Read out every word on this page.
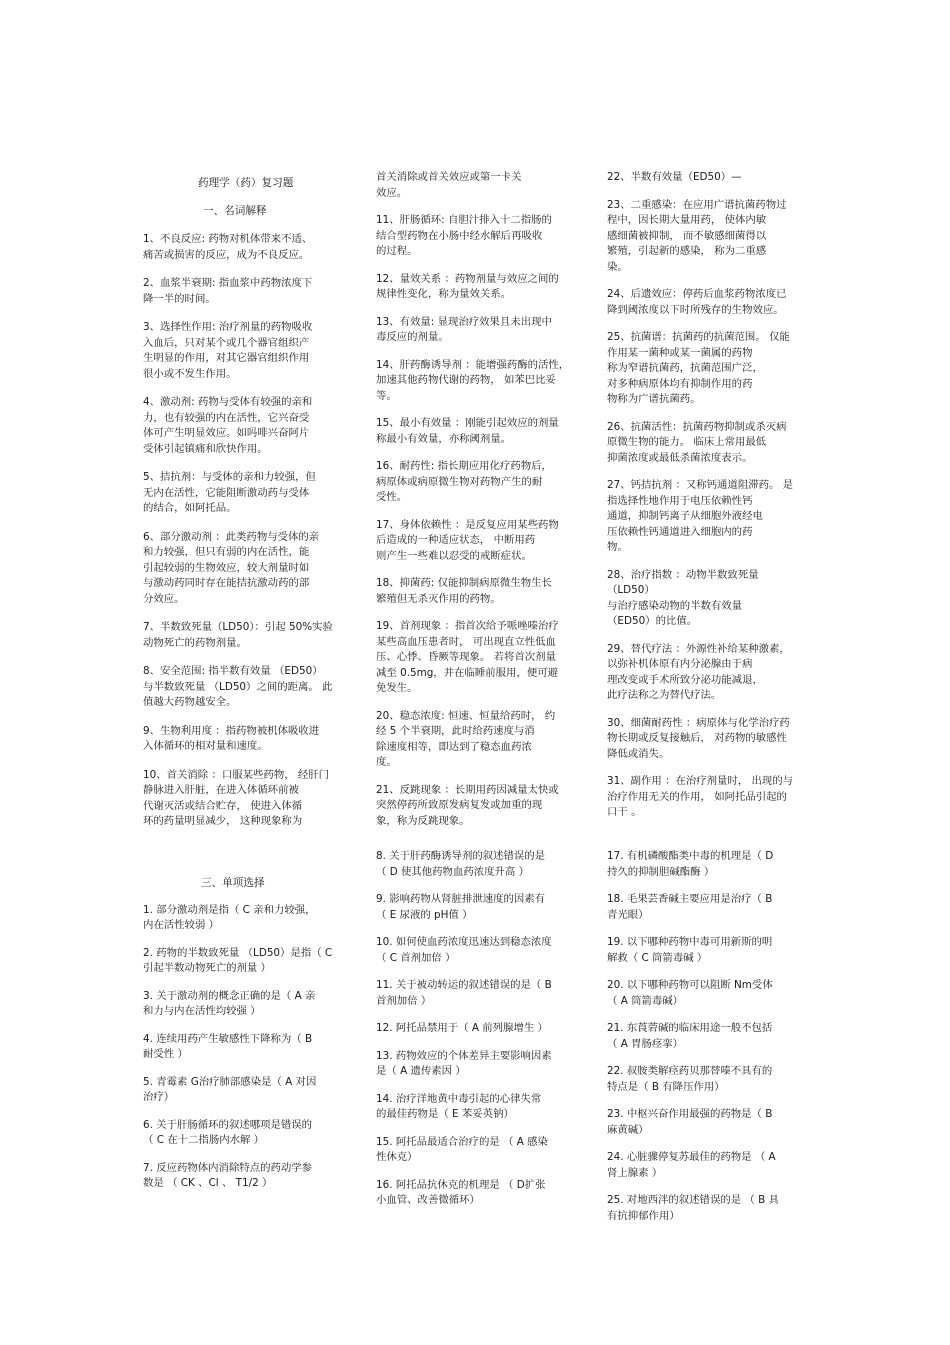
药理学（药）复习题

一、名词解释

1、不良反应: 药物对机体带来不适、
痛苦或损害的反应，成为不良反应。

2、血浆半衰期: 指血浆中药物浓度下
降一半的时间。

3、选择性作用: 治疗剂量的药物吸收
入血后，只对某个或几个器官组织产
生明显的作用，对其它器官组织作用
很小或不发生作用。

4、激动剂: 药物与受体有较强的亲和
力，也有较强的内在活性，它兴奋受
体可产生明显效应。如吗啡兴奋阿片
受体引起镇痛和欣快作用。

5、拮抗剂：与受体的亲和力较强，但
无内在活性，它能阻断激动药与受体
的结合，如阿托品。

6、部分激动剂 ：此类药物与受体的亲
和力较强，但只有弱的内在活性，能
引起较弱的生物效应，较大剂量时如
与激动药同时存在能拮抗激动药的部
分效应。

7、半数致死量（LD50）：引起 50%实验
动物死亡的药物剂量。

8、安全范围: 指半数有效量 （ED50）
与半数致死量 （LD50）之间的距离。 此
值越大药物越安全。

9、生物利用度 ：指药物被机体吸收进
入体循环的相对量和速度。

10、首关消除 ：口服某些药物， 经肝门
静脉进入肝脏，在进入体循环前被
代谢灭活或结合贮存， 使进入体循
环的药量明显减少， 这种现象称为

首关消除或首关效应或第一卡关
效应。

11、肝肠循环: 自胆汁排入十二指肠的
结合型药物在小肠中经水解后再吸收
的过程。

12、量效关系 ：药物剂量与效应之间的
规律性变化，称为量效关系。

13、有效量: 显现治疗效果且未出现中
毒反应的剂量。

14、肝药酶诱导剂 ：能增强药酶的活性，
加速其他药物代谢的药物， 如苯巴比妥
等。

15、最小有效量 ：刚能引起效应的剂量
称最小有效量，亦称阈剂量。

16、耐药性: 指长期应用化疗药物后，
病原体或病原微生物对药物产生的耐
受性。

17、身体依赖性 ：是反复应用某些药物
后造成的一种适应状态， 中断用药
则产生一些难以忍受的戒断症状。

18、抑菌药: 仅能抑制病原微生物生长
繁殖但无杀灭作用的药物。

19、首剂现象 ：指首次给予哌唑嗪治疗
某些高血压患者时， 可出现直立性低血
压、心悸、昏厥等现象。 若将首次剂量
减至 0.5mg，并在临睡前服用，便可避
免发生。

20、稳态浓度: 恒速、恒量给药时， 约
经 5 个半衰期，此时给药速度与消
除速度相等，即达到了稳态血药浓
度。

21、反跳现象 ：长期用药因减量太快或
突然停药所致原发病复发或加重的现
象，称为反跳现象。

22、半数有效量（ED50）—

23、二重感染：在应用广谱抗菌药物过
程中，因长期大量用药， 使体内敏
感细菌被抑制， 而不敏感细菌得以
繁殖，引起新的感染， 称为二重感
染。

24、后遗效应：停药后血浆药物浓度已
降到阈浓度以下时所残存的生物效应。

25、抗菌谱：抗菌药的抗菌范围。 仅能
作用某一菌种或某一菌属的药物
称为窄谱抗菌药，抗菌范围广泛，
对多种病原体均有抑制作用的药
物称为广谱抗菌药。

26、抗菌活性：抗菌药物抑制或杀灭病
原微生物的能力。 临床上常用最低
抑菌浓度或最低杀菌浓度表示。

27、钙拮抗剂 ：又称钙通道阻滞药。 是
指选择性地作用于电压依赖性钙
通道，抑制钙离子从细胞外液经电
压依赖性钙通道进入细胞内的药
物。

28、治疗指数 ：动物半数致死量 （LD50）
与治疗感染动物的半数有效量
（ED50）的比值。

29、替代疗法 ：外源性补给某种激素，
以弥补机体原有内分泌腺由于病
理改变或手术所致分泌功能减退，
此疗法称之为替代疗法。

30、细菌耐药性 ：病原体与化学治疗药
物长期或反复接触后， 对药物的敏感性
降低或消失。

31、副作用 ：在治疗剂量时， 出现的与
治疗作用无关的作用， 如阿托品引起的
口干 。

三、单项选择

1. 部分激动剂是指（ C 亲和力较强，
内在活性较弱 ）

2. 药物的半数致死量 （LD50）是指（ C
引起半数动物死亡的剂量 ）

3. 关于激动剂的概念正确的是（ A 亲
和力与内在活性均较强 ）

4. 连续用药产生敏感性下降称为（ B
耐受性 ）

5. 青霉素 G治疗肺部感染是（ A 对因
治疗）

6. 关于肝肠循环的叙述哪项是错误的
（ C 在十二指肠内水解 ）

7. 反应药物体内消除特点的药动学参
数是 （ CK 、Cl 、 T1/2 ）

8. 关于肝药酶诱导剂的叙述错误的是
（ D 使其他药物血药浓度升高 ）

9. 影响药物从肾脏排泄速度的因素有
（ E 尿液的 pH值 ）

10. 如何使血药浓度迅速达到稳态浓度
（ C 首剂加倍 ）

11. 关于被动转运的叙述错误的是（ B
首剂加倍 ）

12. 阿托品禁用于（ A 前列腺增生 ）

13. 药物效应的个体差异主要影响因素
是（ A 遗传素因 ）

14. 治疗洋地黄中毒引起的心律失常
的最佳药物是（ E 苯妥英钠）

15. 阿托品最适合治疗的是 （ A 感染
性休克）

16. 阿托品抗休克的机理是 （ D扩张
小血管、改善微循环）

17. 有机磷酸酯类中毒的机理是（ D
持久的抑制胆碱酯酶 ）

18. 毛果芸香碱主要应用是治疗（ B
青光眼）

19. 以下哪种药物中毒可用新斯的明
解救（ C 筒箭毒碱 ）

20. 以下哪种药物可以阻断 Nm受体
（ A 筒箭毒碱）

21. 东莨菪碱的临床用途一般不包括
（ A 胃肠痉挛）

22. 叔胺类解痉药贝那替嗪不具有的
特点是（ B 有降压作用）

23. 中枢兴奋作用最强的药物是（ B
麻黄碱）

24. 心脏骤停复苏最佳的药物是 （ A
肾上腺素 ）

25. 对地西泮的叙述错误的是 （ B 具
有抗抑郁作用）
